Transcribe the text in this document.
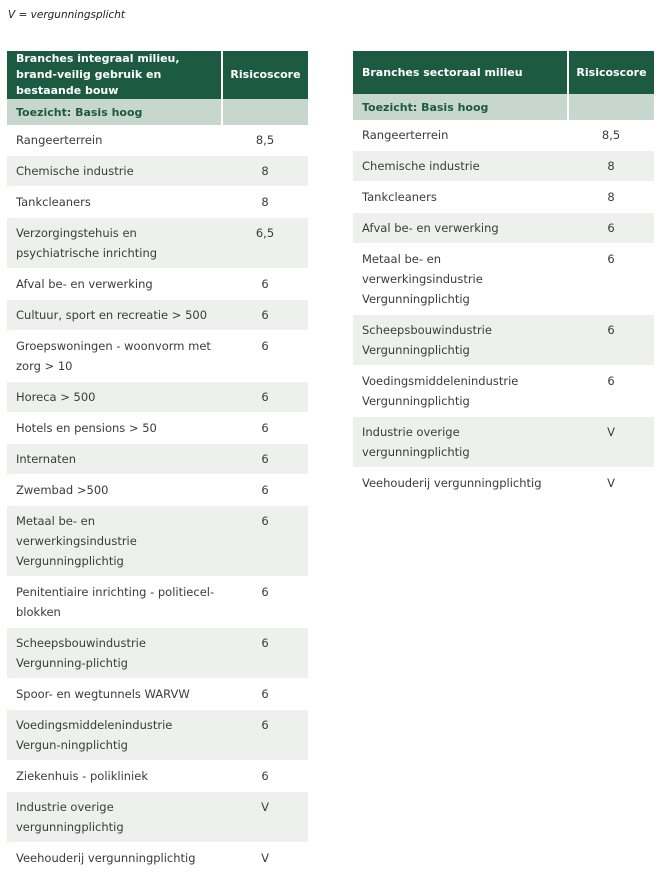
V = vergunningsplicht
Branches integraal milieu, brand-veilig gebruik en bestaande bouw	Risicoscore
Toezicht: Basis hoog	
Rangeerterrein	8,5
Chemische industrie	8
Tankcleaners	8
Verzorgingstehuis en psychiatrische inrichting	6,5
Afval be- en verwerking	6
Cultuur, sport en recreatie > 500	6
Groepswoningen - woonvorm met zorg > 10	6
Horeca > 500	6
Hotels en pensions > 50	6
Internaten	6
Zwembad >500	6
Metaal be- en verwerkingsindustrie Vergunningplichtig	6
Penitentiaire inrichting - politiecel-blokken	6
Scheepsbouwindustrie Vergunning-plichtig	6
Spoor- en wegtunnels WARVW	6
Voedingsmiddelenindustrie Vergun-ningplichtig	6
Ziekenhuis - polikliniek	6
Industrie overige vergunningplichtig	V
Veehouderij vergunningplichtig	V
Branches sectoraal milieu	Risicoscore
Toezicht: Basis hoog	
Rangeerterrein	8,5
Chemische industrie	8
Tankcleaners	8
Afval be- en verwerking	6
Metaal be- en verwerkingsindustrie Vergunningplichtig	6
Scheepsbouwindustrie Vergunningplichtig	6
Voedingsmiddelenindustrie Vergunningplichtig	6
Industrie overige vergunningplichtig	V
Veehouderij vergunningplichtig	V
